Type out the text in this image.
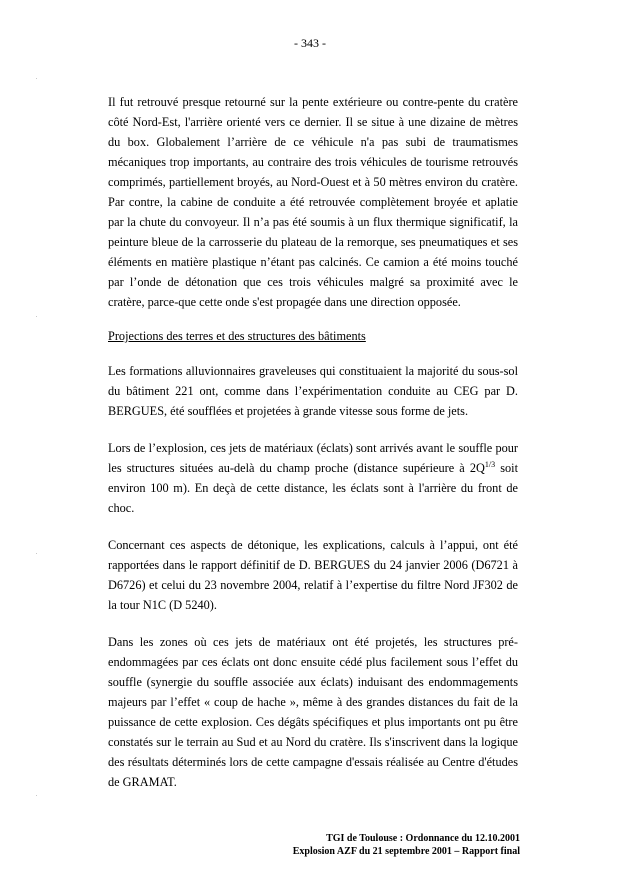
- 343 -

Il fut retrouvé presque retourné sur la pente extérieure ou contre-pente du cratère côté Nord-Est, l'arrière orienté vers ce dernier. Il se situe à une dizaine de mètres du box. Globalement l’arrière de ce véhicule n'a pas subi de traumatismes mécaniques trop importants, au contraire des trois véhicules de tourisme retrouvés comprimés, partiellement broyés, au Nord-Ouest et à 50 mètres environ du cratère. Par contre, la cabine de conduite a été retrouvée complètement broyée et aplatie par la chute du convoyeur. Il n’a pas été soumis à un flux thermique significatif, la peinture bleue de la carrosserie du plateau de la remorque, ses pneumatiques et ses éléments en matière plastique n’étant pas calcinés. Ce camion a été moins touché par l’onde de détonation que ces trois véhicules malgré sa proximité avec le cratère, parce-que cette onde s'est propagée dans une direction opposée.

Projections des terres et des structures des bâtiments

Les formations alluvionnaires graveleuses qui constituaient la majorité du sous-sol du bâtiment 221 ont, comme dans l’expérimentation conduite au CEG par D. BERGUES, été soufflées et projetées à grande vitesse sous forme de jets.

Lors de l’explosion, ces jets de matériaux (éclats) sont arrivés avant le souffle pour les structures situées au-delà du champ proche (distance supérieure à $2Q^{1/3}$ soit environ 100 m). En deçà de cette distance, les éclats sont à l'arrière du front de choc.

Concernant ces aspects de détonique, les explications, calculs à l’appui, ont été rapportées dans le rapport définitif de D. BERGUES du 24 janvier 2006 (D6721 à D6726) et celui du 23 novembre 2004, relatif à l’expertise du filtre Nord JF302 de la tour N1C (D 5240).

Dans les zones où ces jets de matériaux ont été projetés, les structures pré-endommagées par ces éclats ont donc ensuite cédé plus facilement sous l’effet du souffle (synergie du souffle associée aux éclats) induisant des endommagements majeurs par l’effet « coup de hache », même à des grandes distances du fait de la puissance de cette explosion. Ces dégâts spécifiques et plus importants ont pu être constatés sur le terrain au Sud et au Nord du cratère. Ils s'inscrivent dans la logique des résultats déterminés lors de cette campagne d'essais réalisée au Centre d'études de GRAMAT.

TGI de Toulouse : Ordonnance du 12.10.2001
Explosion AZF du 21 septembre 2001 – Rapport final
